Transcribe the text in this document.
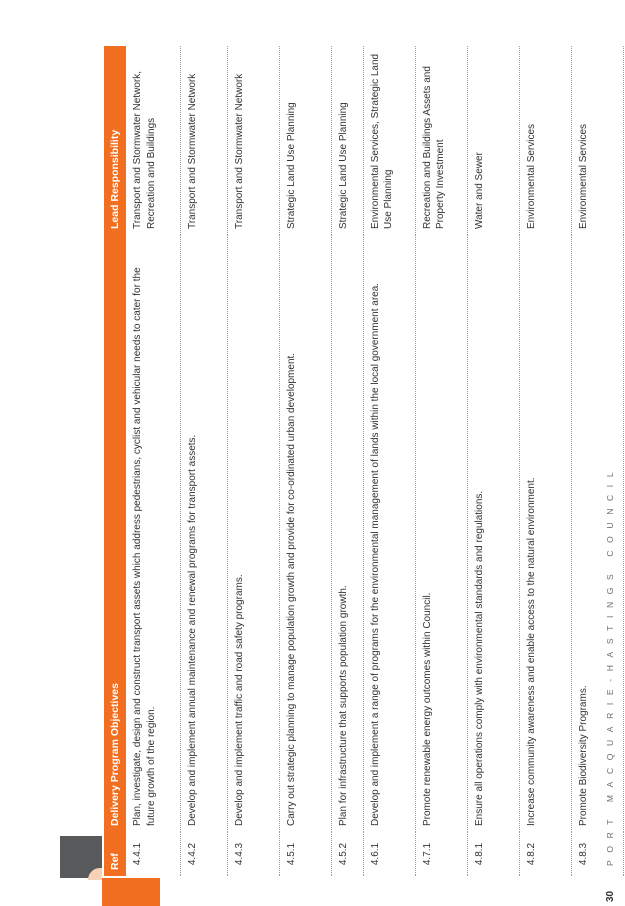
Ref	Delivery Program Objectives	Lead Responsibility
4.4.1	Plan, investigate, design and construct transport assets which address pedestrians, cyclist and vehicular needs to cater for the future growth of the region.	Transport and Stormwater Network, Recreation and Buildings
4.4.2	Develop and implement annual maintenance and renewal programs for transport assets.	Transport and Stormwater Network
4.4.3	Develop and implement traffic and road safety programs.	Transport and Stormwater Network
4.5.1	Carry out strategic planning to manage population growth and provide for co-ordinated urban development.	Strategic Land Use Planning
4.5.2	Plan for infrastructure that supports population growth.	Strategic Land Use Planning
4.6.1	Develop and implement a range of programs for the environmental management of lands within the local government area.	Environmental Services, Strategic Land Use Planning
4.7.1	Promote renewable energy outcomes within Council.	Recreation and Buildings Assets and Property Investment
4.8.1	Ensure all operations comply with environmental standards and regulations.	Water and Sewer
4.8.2	Increase community awareness and enable access to the natural environment.	Environmental Services
4.8.3	Promote Biodiversity Programs.	Environmental Services
30
PORT MACQUARIE-HASTINGS COUNCIL
